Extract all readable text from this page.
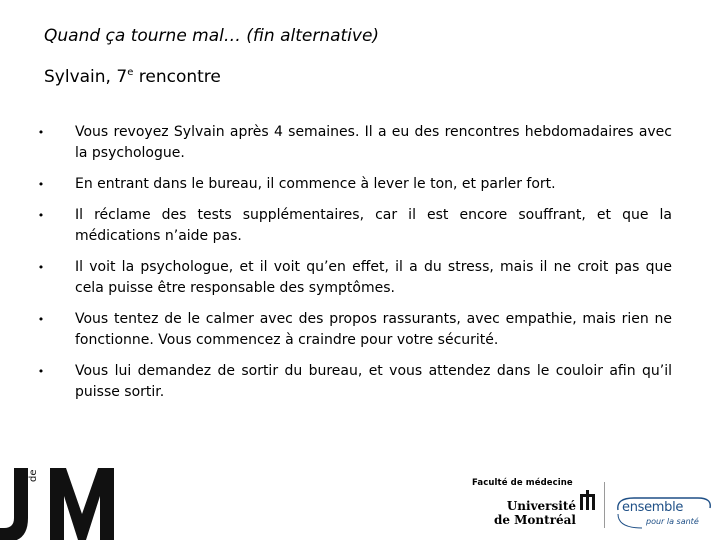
Quand ça tourne mal… (fin alternative)
Sylvain, 7e rencontre
• Vous revoyez Sylvain après 4 semaines. Il a eu des rencontres hebdomadaires avec la psychologue.
• En entrant dans le bureau, il commence à lever le ton, et parler fort.
• Il réclame des tests supplémentaires, car il est encore souffrant, et que la médications n’aide pas.
• Il voit la psychologue, et il voit qu’en effet, il a du stress, mais il ne croit pas que cela puisse être responsable des symptômes.
• Vous tentez de le calmer avec des propos rassurants, avec empathie, mais rien ne fonctionne. Vous commencez à craindre pour votre sécurité.
• Vous lui demandez de sortir du bureau, et vous attendez dans le couloir afin qu’il puisse sortir.
de
Faculté de médecine
Université
de Montréal
ensemble
pour la santé
